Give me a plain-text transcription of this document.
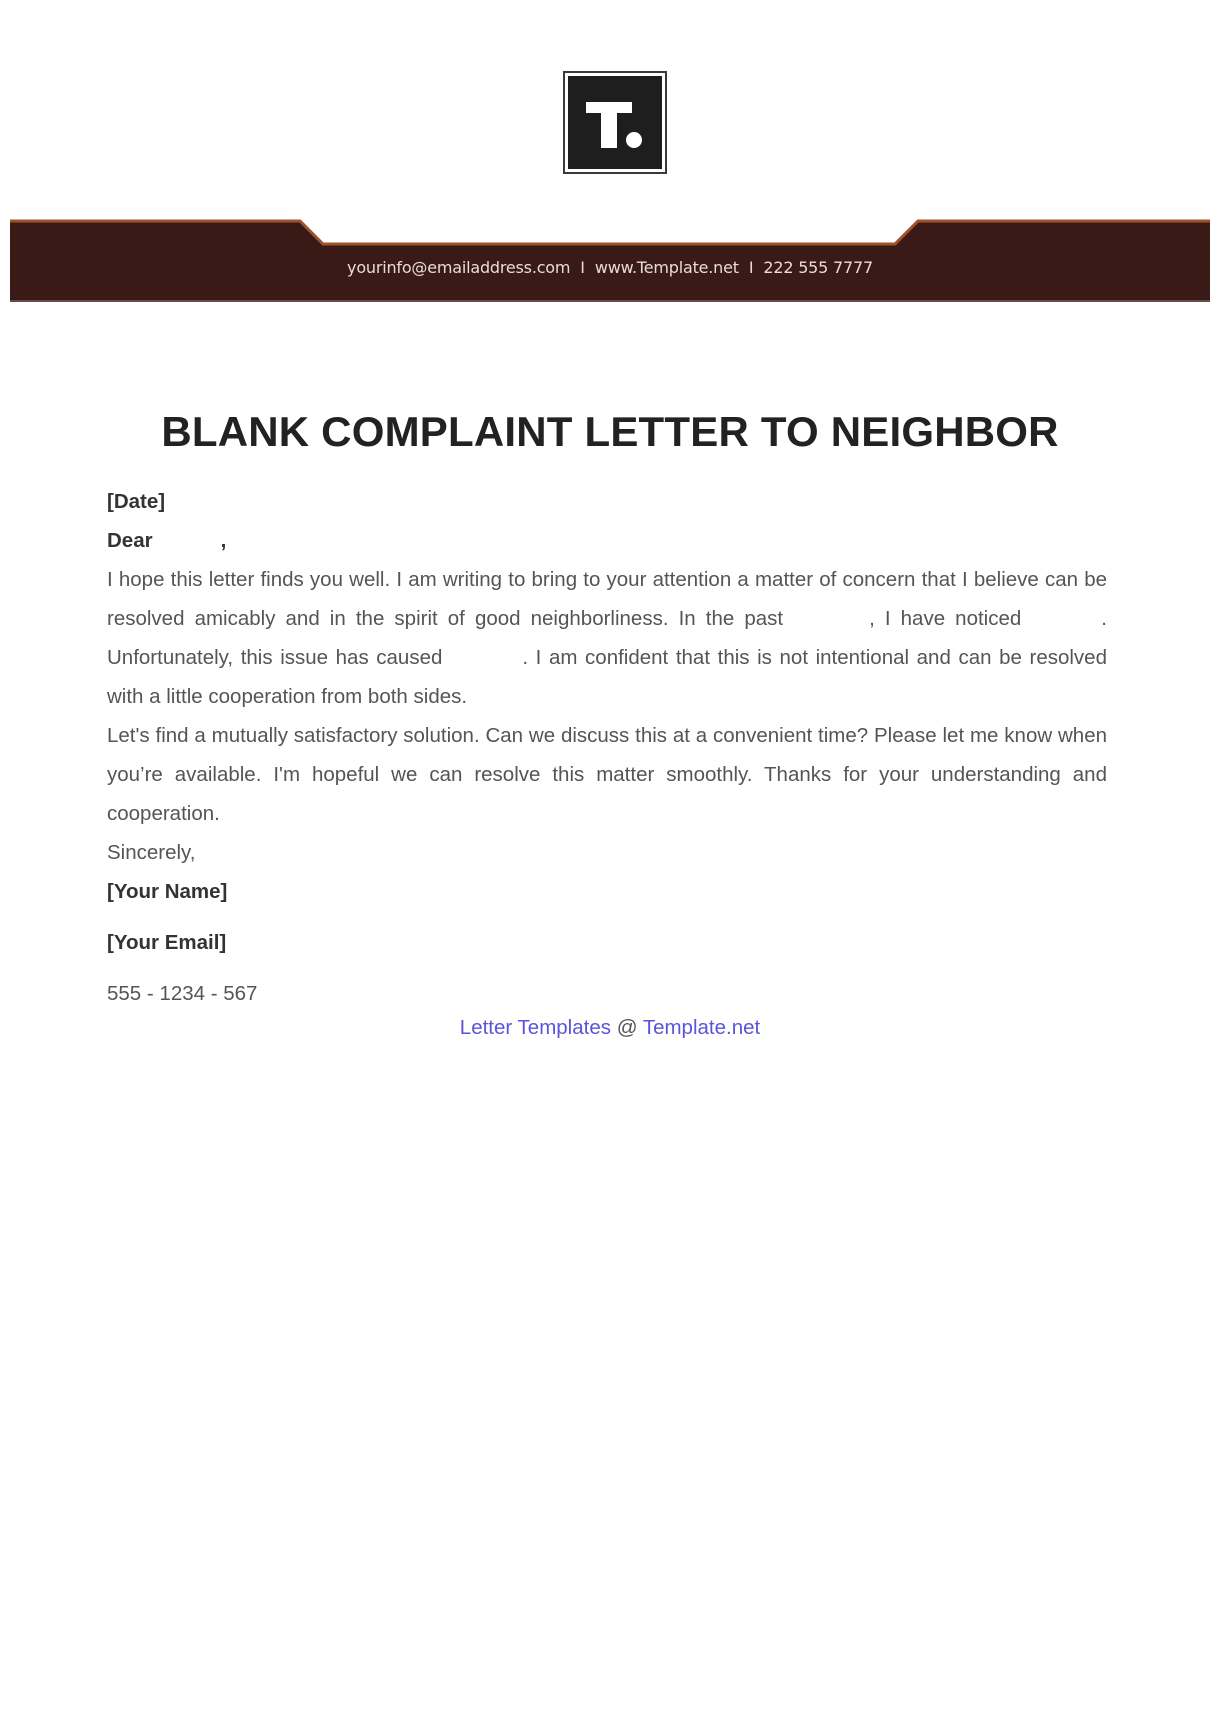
yourinfo@emailaddress.com I www.Template.net I 222 555 7777
BLANK COMPLAINT LETTER TO NEIGHBOR
[Date]
Dear	,

I hope this letter finds you well. I am writing to bring to your attention a matter of concern that I believe can be resolved amicably and in the spirit of good neighborliness. In the past	, I have noticed	. Unfortunately, this issue has caused	. I am confident that this is not intentional and can be resolved with a little cooperation from both sides.

Let's find a mutually satisfactory solution. Can we discuss this at a convenient time? Please let me know when you’re available. I'm hopeful we can resolve this matter smoothly. Thanks for your understanding and cooperation.

Sincerely,
[Your Name]
[Your Email]
555 - 1234 - 567
Letter Templates @ Template.net
